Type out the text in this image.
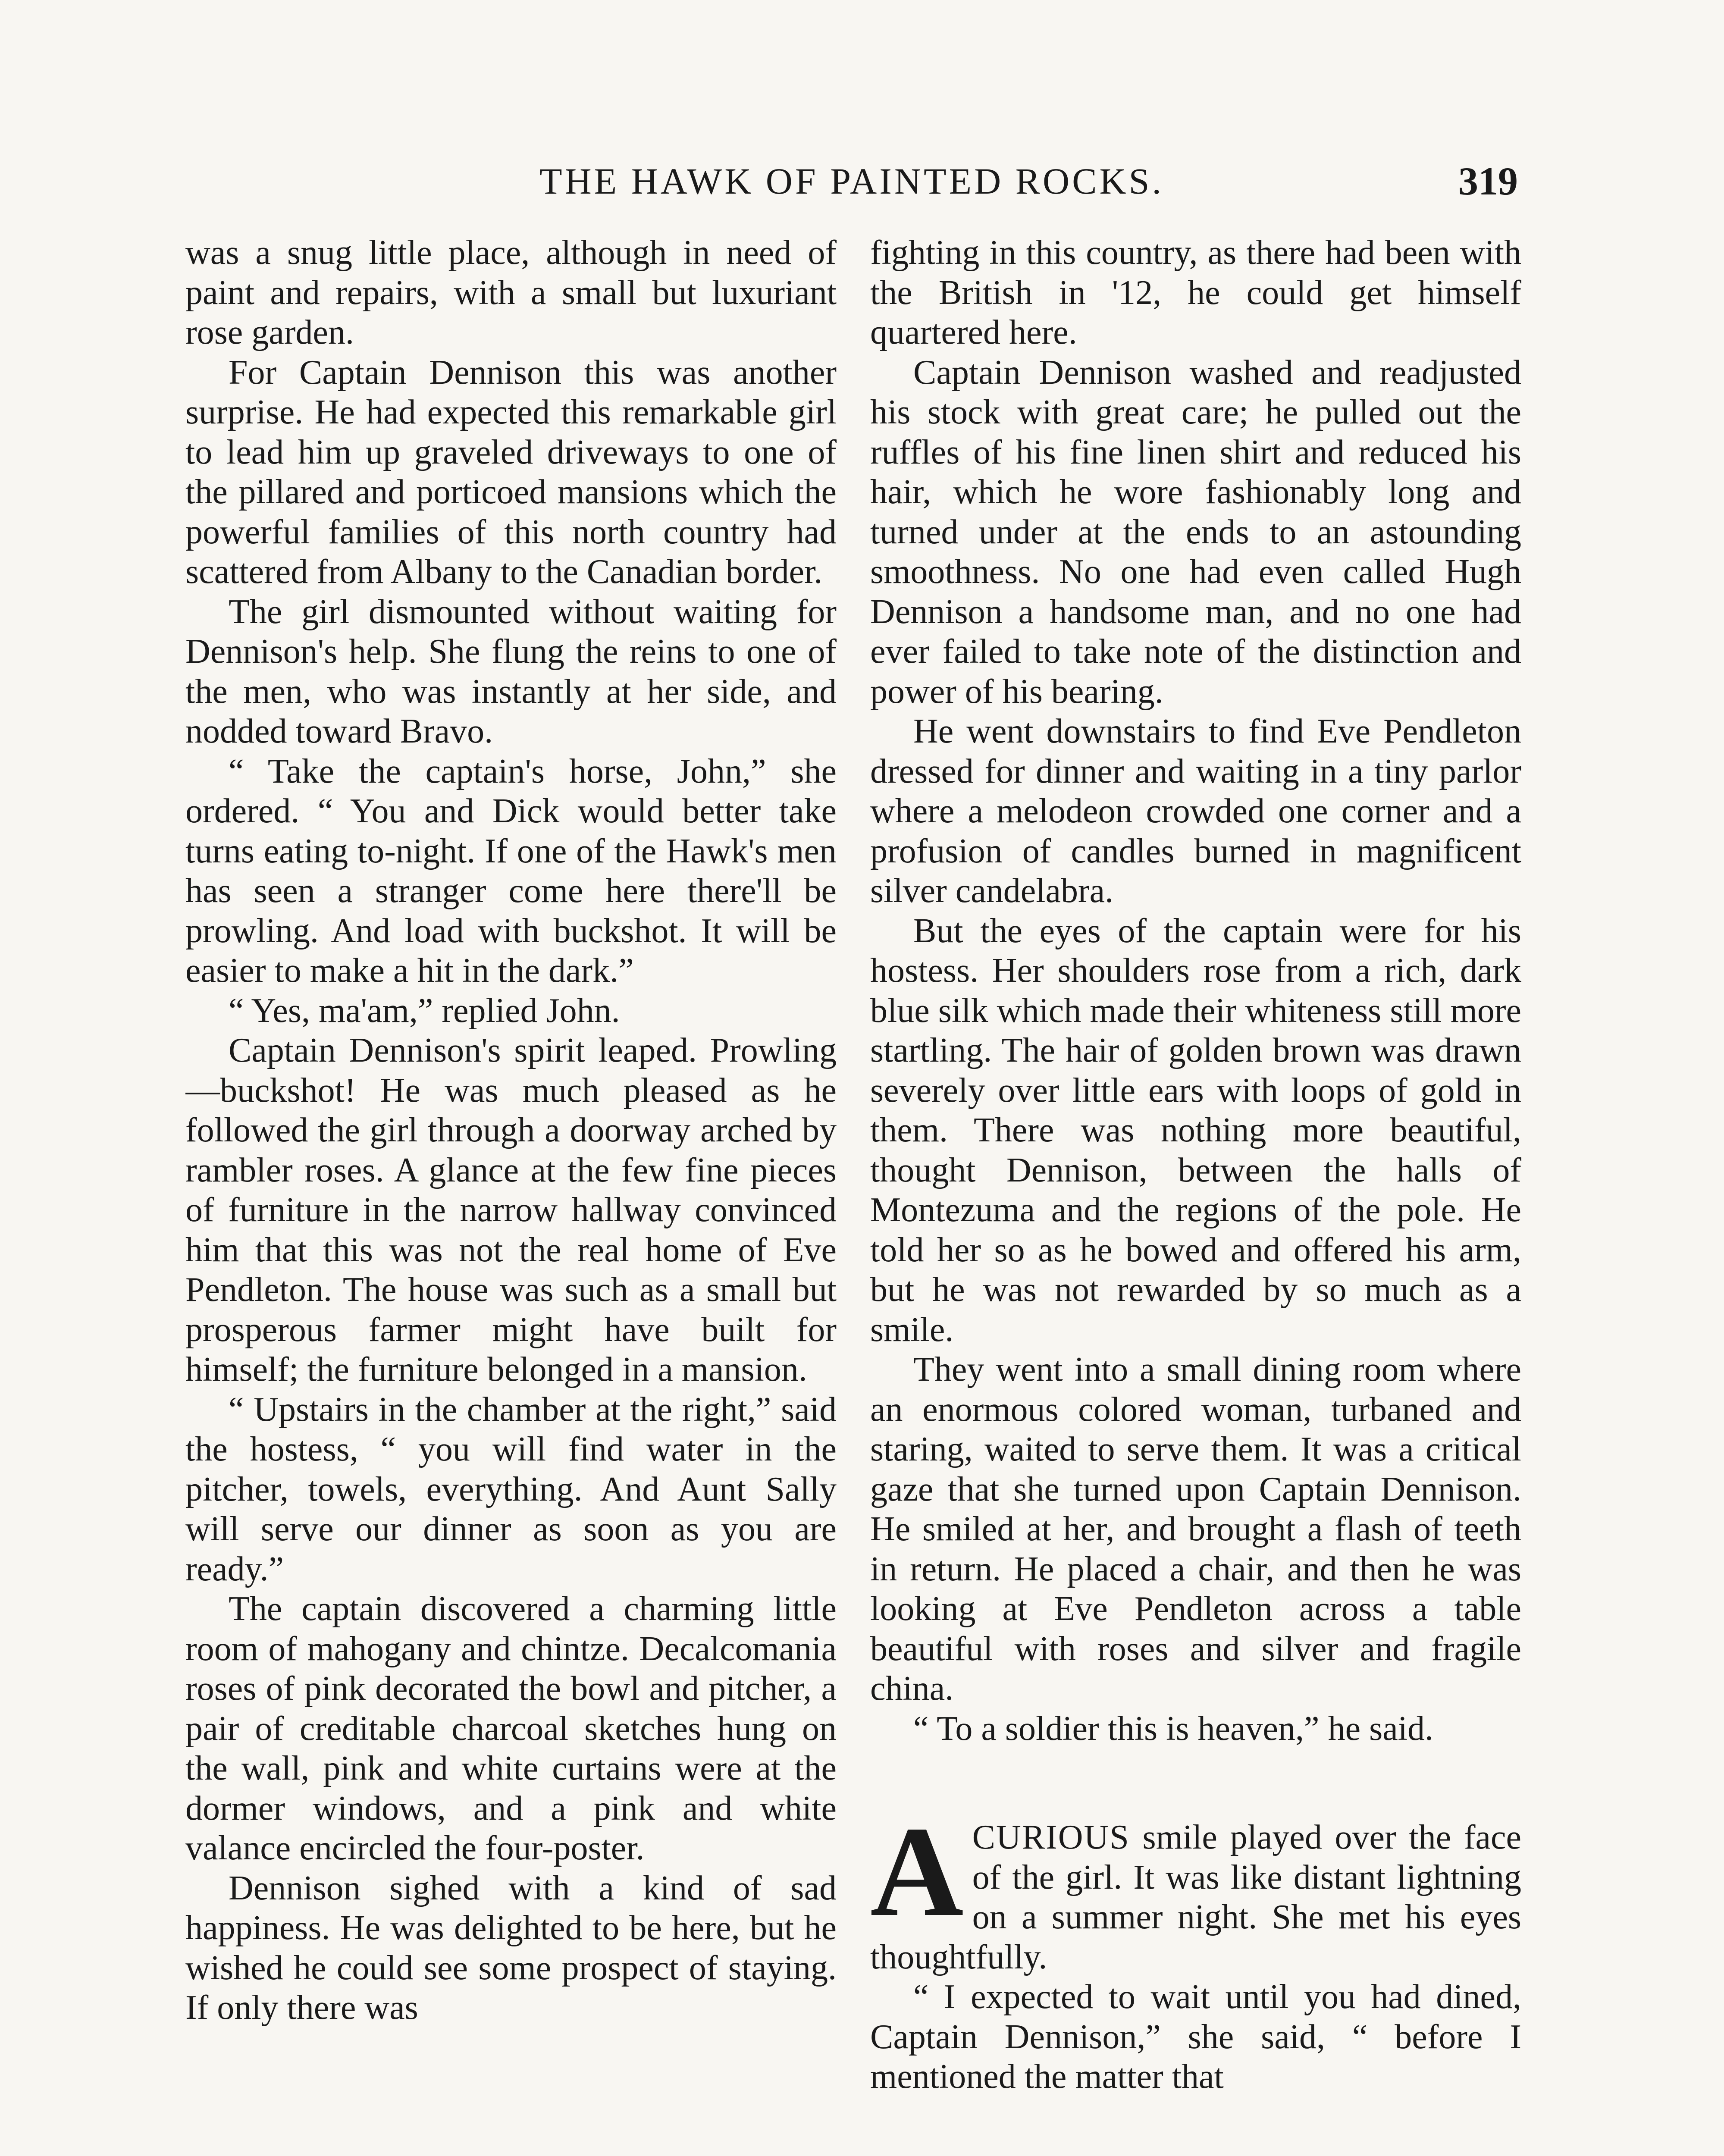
THE HAWK OF PAINTED ROCKS.	319

was a snug little place, although in need of paint and repairs, with a small but luxuriant rose garden.

For Captain Dennison this was another surprise. He had expected this remarkable girl to lead him up graveled driveways to one of the pillared and porticoed mansions which the powerful families of this north country had scattered from Albany to the Canadian border.

The girl dismounted without waiting for Dennison's help. She flung the reins to one of the men, who was instantly at her side, and nodded toward Bravo.

“ Take the captain's horse, John,” she ordered. “ You and Dick would better take turns eating to-night. If one of the Hawk's men has seen a stranger come here there'll be prowling. And load with buckshot. It will be easier to make a hit in the dark.”

“ Yes, ma'am,” replied John.

Captain Dennison's spirit leaped. Prowling—buckshot! He was much pleased as he followed the girl through a doorway arched by rambler roses. A glance at the few fine pieces of furniture in the narrow hallway convinced him that this was not the real home of Eve Pendleton. The house was such as a small but prosperous farmer might have built for himself; the furniture belonged in a mansion.

“ Upstairs in the chamber at the right,” said the hostess, “ you will find water in the pitcher, towels, everything. And Aunt Sally will serve our dinner as soon as you are ready.”

The captain discovered a charming little room of mahogany and chintze. Decalcomania roses of pink decorated the bowl and pitcher, a pair of creditable charcoal sketches hung on the wall, pink and white curtains were at the dormer windows, and a pink and white valance encircled the four-poster.

Dennison sighed with a kind of sad happiness. He was delighted to be here, but he wished he could see some prospect of staying. If only there was

fighting in this country, as there had been with the British in '12, he could get himself quartered here.

Captain Dennison washed and readjusted his stock with great care; he pulled out the ruffles of his fine linen shirt and reduced his hair, which he wore fashionably long and turned under at the ends to an astounding smoothness. No one had even called Hugh Dennison a handsome man, and no one had ever failed to take note of the distinction and power of his bearing.

He went downstairs to find Eve Pendleton dressed for dinner and waiting in a tiny parlor where a melodeon crowded one corner and a profusion of candles burned in magnificent silver candelabra.

But the eyes of the captain were for his hostess. Her shoulders rose from a rich, dark blue silk which made their whiteness still more startling. The hair of golden brown was drawn severely over little ears with loops of gold in them. There was nothing more beautiful, thought Dennison, between the halls of Montezuma and the regions of the pole. He told her so as he bowed and offered his arm, but he was not rewarded by so much as a smile.

They went into a small dining room where an enormous colored woman, turbaned and staring, waited to serve them. It was a critical gaze that she turned upon Captain Dennison. He smiled at her, and brought a flash of teeth in return. He placed a chair, and then he was looking at Eve Pendleton across a table beautiful with roses and silver and fragile china.

“ To a soldier this is heaven,” he said.

ACURIOUS smile played over the face of the girl. It was like distant lightning on a summer night. She met his eyes thoughtfully.

“ I expected to wait until you had dined, Captain Dennison,” she said, “ before I mentioned the matter that
